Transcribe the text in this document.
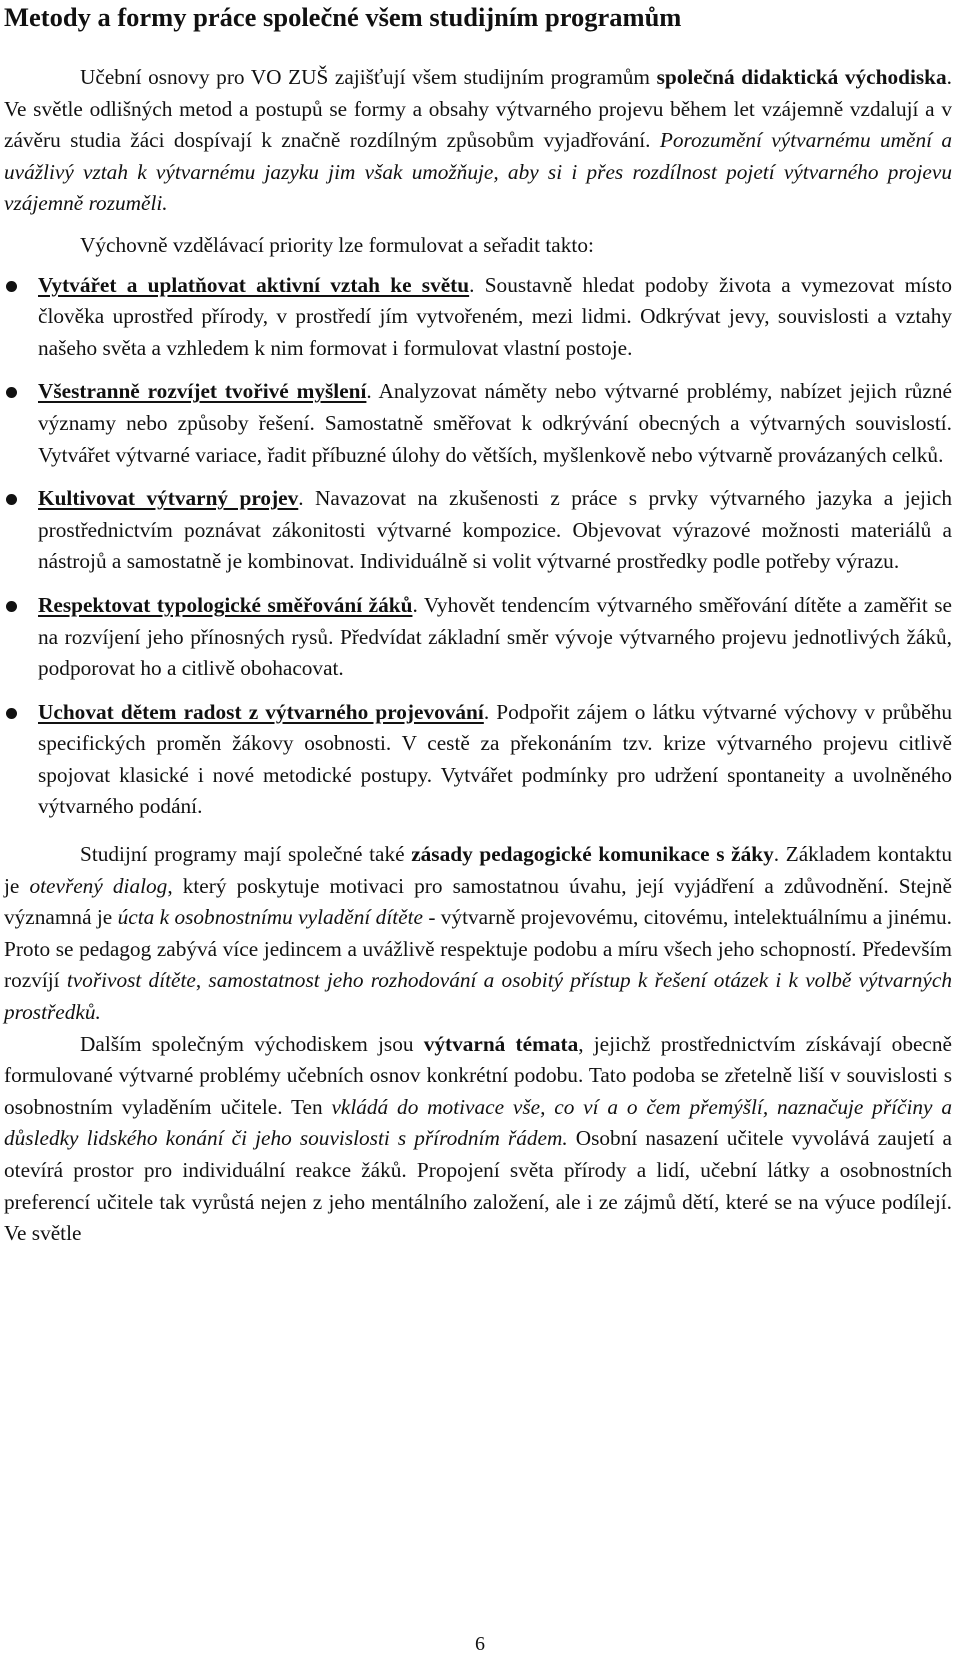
Metody a formy práce společné všem studijním programům

Učební osnovy pro VO ZUŠ zajišťují všem studijním programům společná didaktická východiska. Ve světle odlišných metod a postupů se formy a obsahy výtvarného projevu během let vzájemně vzdalují a v závěru studia žáci dospívají k značně rozdílným způsobům vyjadřování. Porozumění výtvarnému umění a uvážlivý vztah k výtvarnému jazyku jim však umožňuje, aby si i přes rozdílnost pojetí výtvarného projevu vzájemně rozuměli.

Výchovně vzdělávací priority lze formulovat a seřadit takto:

Vytvářet a uplatňovat aktivní vztah ke světu. Soustavně hledat podoby života a vymezovat místo člověka uprostřed přírody, v prostředí jím vytvořeném, mezi lidmi. Odkrývat jevy, souvislosti a vztahy našeho světa a vzhledem k nim formovat i formulovat vlastní postoje.
Všestranně rozvíjet tvořivé myšlení. Analyzovat náměty nebo výtvarné problémy, nabízet jejich různé významy nebo způsoby řešení. Samostatně směřovat k odkrývání obecných a výtvarných souvislostí. Vytvářet výtvarné variace, řadit příbuzné úlohy do větších, myšlenkově nebo výtvarně provázaných celků.
Kultivovat výtvarný projev. Navazovat na zkušenosti z práce s prvky výtvarného jazyka a jejich prostřednictvím poznávat zákonitosti výtvarné kompozice. Objevovat výrazové možnosti materiálů a nástrojů a samostatně je kombinovat. Individuálně si volit výtvarné prostředky podle potřeby výrazu.
Respektovat typologické směřování žáků. Vyhovět tendencím výtvarného směřování dítěte a zaměřit se na rozvíjení jeho přínosných rysů. Předvídat základní směr vývoje výtvarného projevu jednotlivých žáků, podporovat ho a citlivě obohacovat.
Uchovat dětem radost z výtvarného projevování. Podpořit zájem o látku výtvarné výchovy v průběhu specifických proměn žákovy osobnosti. V cestě za překonáním tzv. krize výtvarného projevu citlivě spojovat klasické i nové metodické postupy. Vytvářet podmínky pro udržení spontaneity a uvolněného výtvarného podání.

Studijní programy mají společné také zásady pedagogické komunikace s žáky. Základem kontaktu je otevřený dialog, který poskytuje motivaci pro samostatnou úvahu, její vyjádření a zdůvodnění. Stejně významná je úcta k osobnostnímu vyladění dítěte - výtvarně projevovému, citovému, intelektuálnímu a jinému. Proto se pedagog zabývá více jedincem a uvážlivě respektuje podobu a míru všech jeho schopností. Především rozvíjí tvořivost dítěte, samostatnost jeho rozhodování a osobitý přístup k řešení otázek i k volbě výtvarných prostředků.

Dalším společným východiskem jsou výtvarná témata, jejichž prostřednictvím získávají obecně formulované výtvarné problémy učebních osnov konkrétní podobu. Tato podoba se zřetelně liší v souvislosti s osobnostním vyladěním učitele. Ten vkládá do motivace vše, co ví a o čem přemýšlí, naznačuje příčiny a důsledky lidského konání či jeho souvislosti s přírodním řádem. Osobní nasazení učitele vyvolává zaujetí a otevírá prostor pro individuální reakce žáků. Propojení světa přírody a lidí, učební látky a osobnostních preferencí učitele tak vyrůstá nejen z jeho mentálního založení, ale i ze zájmů dětí, které se na výuce podílejí. Ve světle

6
